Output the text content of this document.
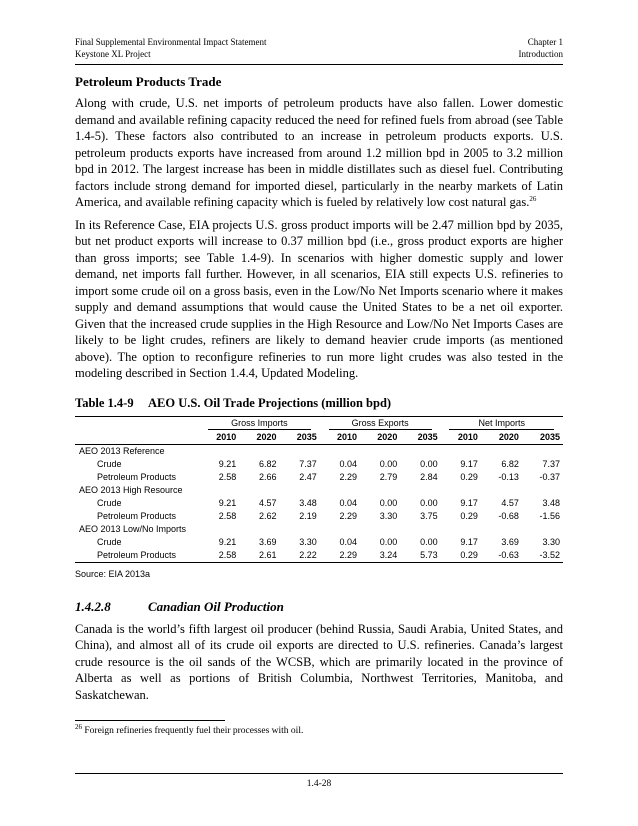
Final Supplemental Environmental Impact Statement	Chapter 1
Keystone XL Project	Introduction
Petroleum Products Trade

Along with crude, U.S. net imports of petroleum products have also fallen. Lower domestic demand and available refining capacity reduced the need for refined fuels from abroad (see Table 1.4-5). These factors also contributed to an increase in petroleum products exports. U.S. petroleum products exports have increased from around 1.2 million bpd in 2005 to 3.2 million bpd in 2012. The largest increase has been in middle distillates such as diesel fuel. Contributing factors include strong demand for imported diesel, particularly in the nearby markets of Latin America, and available refining capacity which is fueled by relatively low cost natural gas.$^{26}$

In its Reference Case, EIA projects U.S. gross product imports will be 2.47 million bpd by 2035, but net product exports will increase to 0.37 million bpd (i.e., gross product exports are higher than gross imports; see Table 1.4-9). In scenarios with higher domestic supply and lower demand, net imports fall further. However, in all scenarios, EIA still expects U.S. refineries to import some crude oil on a gross basis, even in the Low/No Net Imports scenario where it makes supply and demand assumptions that would cause the United States to be a net oil exporter. Given that the increased crude supplies in the High Resource and Low/No Net Imports Cases are likely to be light crudes, refiners are likely to demand heavier crude imports (as mentioned above). The option to reconfigure refineries to run more light crudes was also tested in the modeling described in Section 1.4.4, Updated Modeling.

Table 1.4-9	AEO U.S. Oil Trade Projections (million bpd)
	Gross Imports			Gross Exports			Net Imports		
	2010	2020	2035	2010	2020	2035	2010	2020	2035
AEO 2013 Reference									
Crude	9.21	6.82	7.37	0.04	0.00	0.00	9.17	6.82	7.37
Petroleum Products	2.58	2.66	2.47	2.29	2.79	2.84	0.29	-0.13	-0.37
AEO 2013 High Resource									
Crude	9.21	4.57	3.48	0.04	0.00	0.00	9.17	4.57	3.48
Petroleum Products	2.58	2.62	2.19	2.29	3.30	3.75	0.29	-0.68	-1.56
AEO 2013 Low/No Imports									
Crude	9.21	3.69	3.30	0.04	0.00	0.00	9.17	3.69	3.30
Petroleum Products	2.58	2.61	2.22	2.29	3.24	5.73	0.29	-0.63	-3.52
Source: EIA 2013a
1.4.2.8	Canadian Oil Production

Canada is the world’s fifth largest oil producer (behind Russia, Saudi Arabia, United States, and China), and almost all of its crude oil exports are directed to U.S. refineries. Canada’s largest crude resource is the oil sands of the WCSB, which are primarily located in the province of Alberta as well as portions of British Columbia, Northwest Territories, Manitoba, and Saskatchewan.

$^{26}$ Foreign refineries frequently fuel their processes with oil.
1.4-28
